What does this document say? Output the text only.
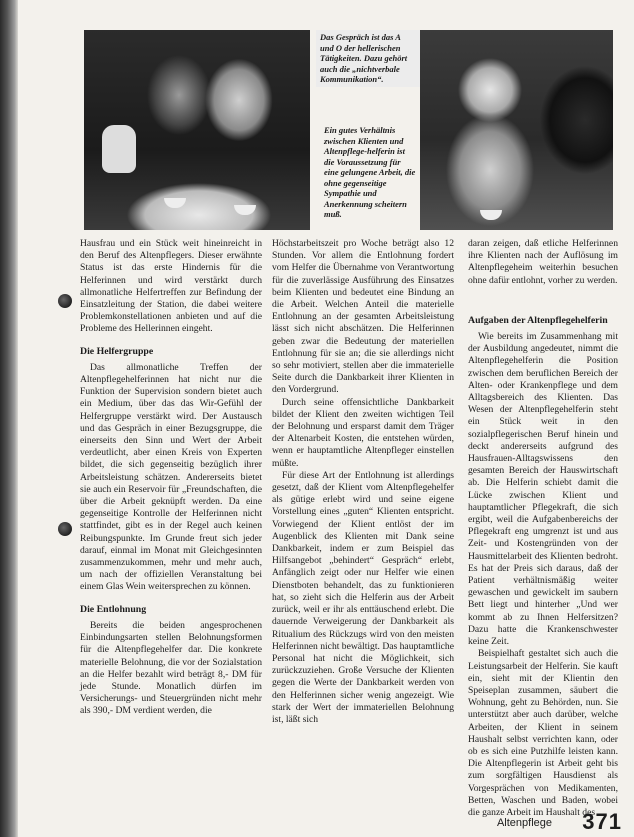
Das Gespräch ist das A und O der hellerischen Tätigkeiten. Dazu gehört auch die „nichtverbale Kommunikation“.
Ein gutes Verhältnis zwischen Klienten und Altenpflege-helferin ist die Voraussetzung für eine gelungene Arbeit, die ohne gegenseitige Sympathie und Anerkennung scheitern muß.

Hausfrau und ein Stück weit hineinreicht in den Beruf des Altenpflegers. Dieser erwähnte Status ist das erste Hindernis für die Helferinnen und wird verstärkt durch allmonatliche Helfertreffen zur Befindung der Einsatzleitung der Station, die dabei weitere Problemkonstellationen anbieten und auf die Probleme des Hellerinnen eingeht.

Die Helfergruppe

Das allmonatliche Treffen der Altenpflegehelferinnen hat nicht nur die Funktion der Supervision sondern bietet auch ein Medium, über das das Wir-Gefühl der Helfergruppe verstärkt wird. Der Austausch und das Gespräch in einer Bezugsgruppe, die einerseits den Sinn und Wert der Arbeit verdeutlicht, aber einen Kreis von Experten bildet, die sich gegenseitig bezüglich ihrer Arbeitsleistung schätzen. Andererseits bietet sie auch ein Reservoir für „Freundschaften, die über die Arbeit geknüpft werden. Da eine gegenseitige Kontrolle der Helferinnen nicht stattfindet, gibt es in der Regel auch keinen Reibungspunkte. Im Grunde freut sich jeder darauf, einmal im Monat mit Gleichgesinnten zusammenzukommen, mehr und mehr auch, um nach der offiziellen Veranstaltung bei einem Glas Wein weitersprechen zu können.

Die Entlohnung

Bereits die beiden angesprochenen Einbindungsarten stellen Belohnungsformen für die Altenpflegehelfer dar. Die konkrete materielle Belohnung, die vor der Sozialstation an die Helfer bezahlt wird beträgt 8,- DM für jede Stunde. Monatlich dürfen im Versicherungs- und Steuergründen nicht mehr als 390,- DM verdient werden, die

Höchstarbeitszeit pro Woche beträgt also 12 Stunden. Vor allem die Entlohnung fordert vom Helfer die Übernahme von Verantwortung für die zuverlässige Ausführung des Einsatzes beim Klienten und bedeutet eine Bindung an die Arbeit. Welchen Anteil die materielle Entlohnung an der gesamten Arbeitsleistung lässt sich nicht abschätzen. Die Helferinnen geben zwar die Bedeutung der materiellen Entlohnung für sie an; die sie allerdings nicht so sehr motiviert, stellen aber die immaterielle Seite durch die Dankbarkeit ihrer Klienten in den Vordergrund.

Durch seine offensichtliche Dankbarkeit bildet der Klient den zweiten wichtigen Teil der Belohnung und ersparst damit dem Träger der Altenarbeit Kosten, die entstehen würden, wenn er hauptamtliche Altenpfleger einstellen müßte.

Für diese Art der Entlohnung ist allerdings gesetzt, daß der Klient vom Altenpflegehelfer als gütige erlebt wird und seine eigene Vorstellung eines „guten“ Klienten entspricht. Vorwiegend der Klient entlöst der im Augenblick des Klienten mit Dank seine Dankbarkeit, indem er zum Beispiel das Hilfsangebot „behindert“ Gespräch“ erlebt, Anfänglich zeigt oder nur Helfer wie einen Dienstboten behandelt, das zu funktionieren hat, so zieht sich die Helferin aus der Arbeit zurück, weil er ihr als enttäuschend erlebt. Die dauernde Verweigerung der Dankbarkeit als Ritualium des Rückzugs wird von den meisten Helferinnen nicht bewältigt. Das hauptamtliche Personal hat nicht die Möglichkeit, sich zurückzuziehen. Große Versuche der Klienten gegen die Werte der Dankbarkeit werden von den Helferinnen sicher wenig angezeigt. Wie stark der Wert der immateriellen Belohnung ist, läßt sich

daran zeigen, daß etliche Helferinnen ihre Klienten nach der Auflösung im Altenpflegeheim weiterhin besuchen ohne dafür entlohnt, vorher zu werden.

Aufgaben der Altenpflegehelferin

Wie bereits im Zusammenhang mit der Ausbildung angedeutet, nimmt die Altenpflegehelferin die Position zwischen dem beruflichen Bereich der Alten- oder Krankenpflege und dem Alltagsbereich des Klienten. Das Wesen der Altenpflegehelferin steht ein Stück weit in den sozialpflegerischen Beruf hinein und deckt andererseits aufgrund des Hausfrauen-Alltagswissens den gesamten Bereich der Hauswirtschaft ab. Die Helferin schiebt damit die Lücke zwischen Klient und hauptamtlicher Pflegekraft, die sich ergibt, weil die Aufgabenbereichs der Pflegekraft eng umgrenzt ist und aus Zeit- und Kostengründen von der Hausmittelarbeit des Klienten bedroht. Es hat der Preis sich daraus, daß der Patient verhältnismäßig weiter gewaschen und gewickelt im saubern Bett liegt und hinterher „Und wer kommt ab zu Ihnen Helfersitzen? Dazu hatte die Krankenschwester keine Zeit.

Beispielhaft gestaltet sich auch die Leistungsarbeit der Helferin. Sie kauft ein, sieht mit der Klientin den Speiseplan zusammen, säubert die Wohnung, geht zu Behörden, nun. Sie unterstützt aber auch darüber, welche Arbeiten, der Klient in seinem Haushalt selbst verrichten kann, oder ob es sich eine Putzhilfe leisten kann. Die Altenpflegerin ist Arbeit geht bis zum sorgfältigen Hausdienst als Vorgesprächen von Medikamenten, Betten, Waschen und Baden, wobei die ganze Arbeit im Haushalt des

Altenpflege 371
